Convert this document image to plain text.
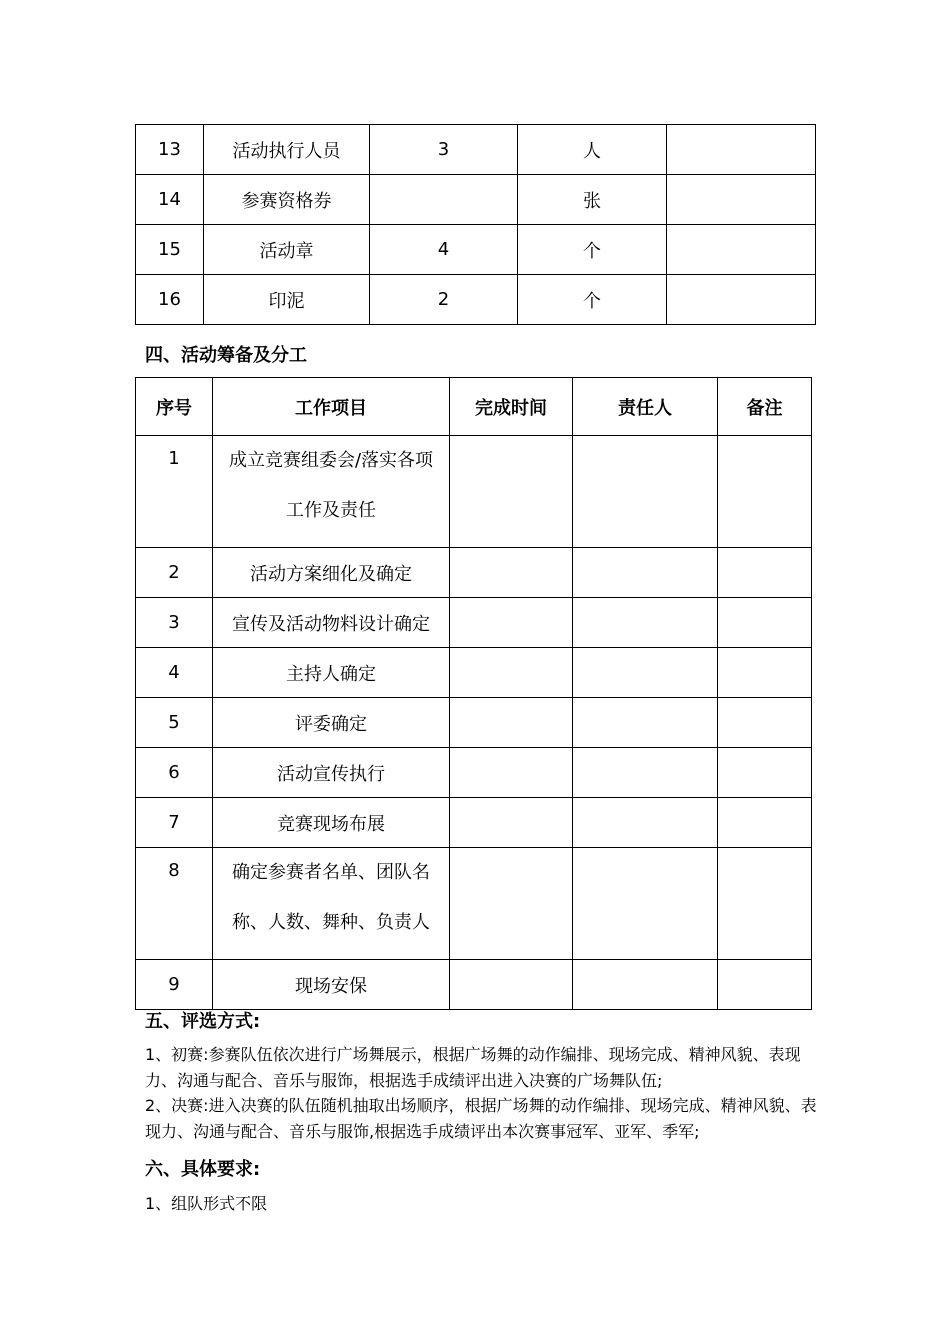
13	活动执行人员	3	人	
14	参赛资格券		张	
15	活动章	4	个	
16	印泥	2	个	
四、活动筹备及分工
序号	工作项目	完成时间	责任人	备注
1	成立竞赛组委会/落实各项
工作及责任			

2	活动方案细化及确定			
3	宣传及活动物料设计确定			
4	主持人确定			
5	评委确定			
6	活动宣传执行			
7	竞赛现场布展			
8	确定参赛者名单、团队名
称、人数、舞种、负责人			

9	现场安保			
五、评选方式:
1、初赛:参赛队伍依次进行广场舞展示，根据广场舞的动作编排、现场完成、精神风貌、表现力、沟通与配合、音乐与服饰，根据选手成绩评出进入决赛的广场舞队伍;
2、决赛:进入决赛的队伍随机抽取出场顺序，根据广场舞的动作编排、现场完成、精神风貌、表现力、沟通与配合、音乐与服饰,根据选手成绩评出本次赛事冠军、亚军、季军;
六、具体要求:
1、组队形式不限
